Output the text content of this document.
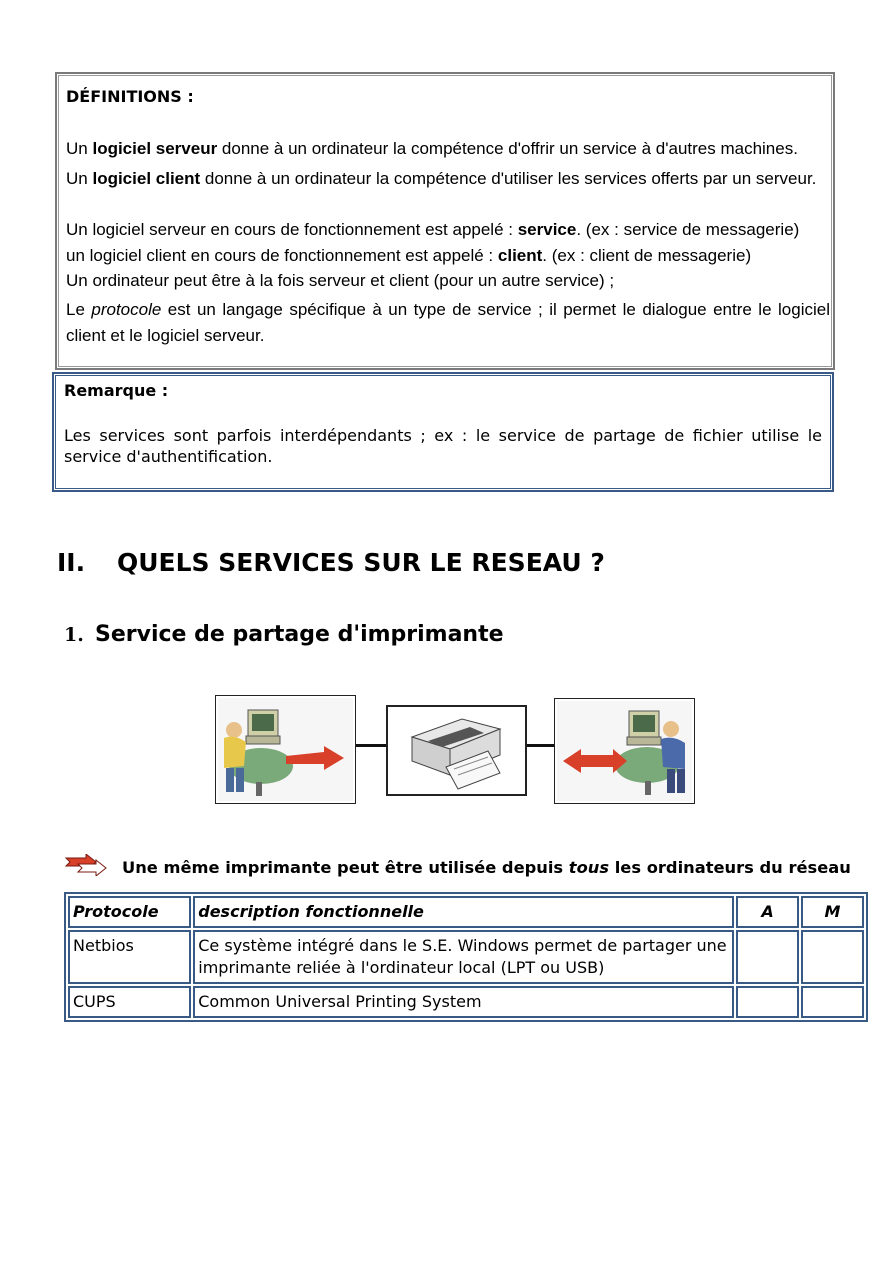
DÉFINITIONS :
Un logiciel serveur donne à un ordinateur la compétence d'offrir un service à d'autres machines.
Un logiciel client donne à un ordinateur la compétence d'utiliser les services offerts par un serveur.
Un logiciel serveur en cours de fonctionnement est appelé : service. (ex : service de messagerie)
un logiciel client en cours de fonctionnement est appelé : client. (ex : client de messagerie)
Un ordinateur peut être à la fois serveur et client (pour un autre service) ;
Le protocole est un langage spécifique à un type de service ; il permet le dialogue entre le logiciel client et le logiciel serveur.
Remarque :
Les services sont parfois interdépendants ; ex : le service de partage de fichier utilise le service d'authentification.
II. QUELS SERVICES SUR LE RESEAU ?
1. Service de partage d'imprimante
Une même imprimante peut être utilisée depuis tous les ordinateurs du réseau
Protocole	description fonctionnelle	A	M
Netbios	Ce système intégré dans le S.E. Windows permet de partager une
imprimante reliée à l'ordinateur local (LPT ou USB)		
CUPS	Common Universal Printing System		
